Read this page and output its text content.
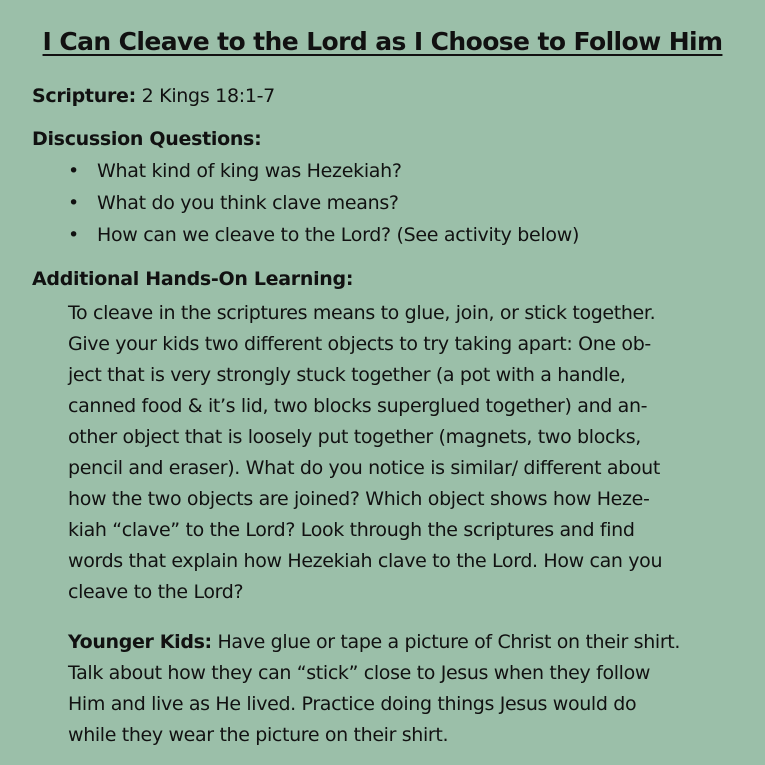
I Can Cleave to the Lord as I Choose to Follow Him
Scripture: 2 Kings 18:1-7
Discussion Questions:
• What kind of king was Hezekiah?
• What do you think clave means?
• How can we cleave to the Lord? (See activity below)
Additional Hands-On Learning:
To cleave in the scriptures means to glue, join, or stick together.
Give your kids two different objects to try taking apart: One ob-
ject that is very strongly stuck together (a pot with a handle,
canned food & it’s lid, two blocks superglued together) and an-
other object that is loosely put together (magnets, two blocks,
pencil and eraser). What do you notice is similar/ different about
how the two objects are joined? Which object shows how Heze-
kiah “clave” to the Lord? Look through the scriptures and find
words that explain how Hezekiah clave to the Lord. How can you
cleave to the Lord?
Younger Kids: Have glue or tape a picture of Christ on their shirt.
Talk about how they can “stick” close to Jesus when they follow
Him and live as He lived. Practice doing things Jesus would do
while they wear the picture on their shirt.
